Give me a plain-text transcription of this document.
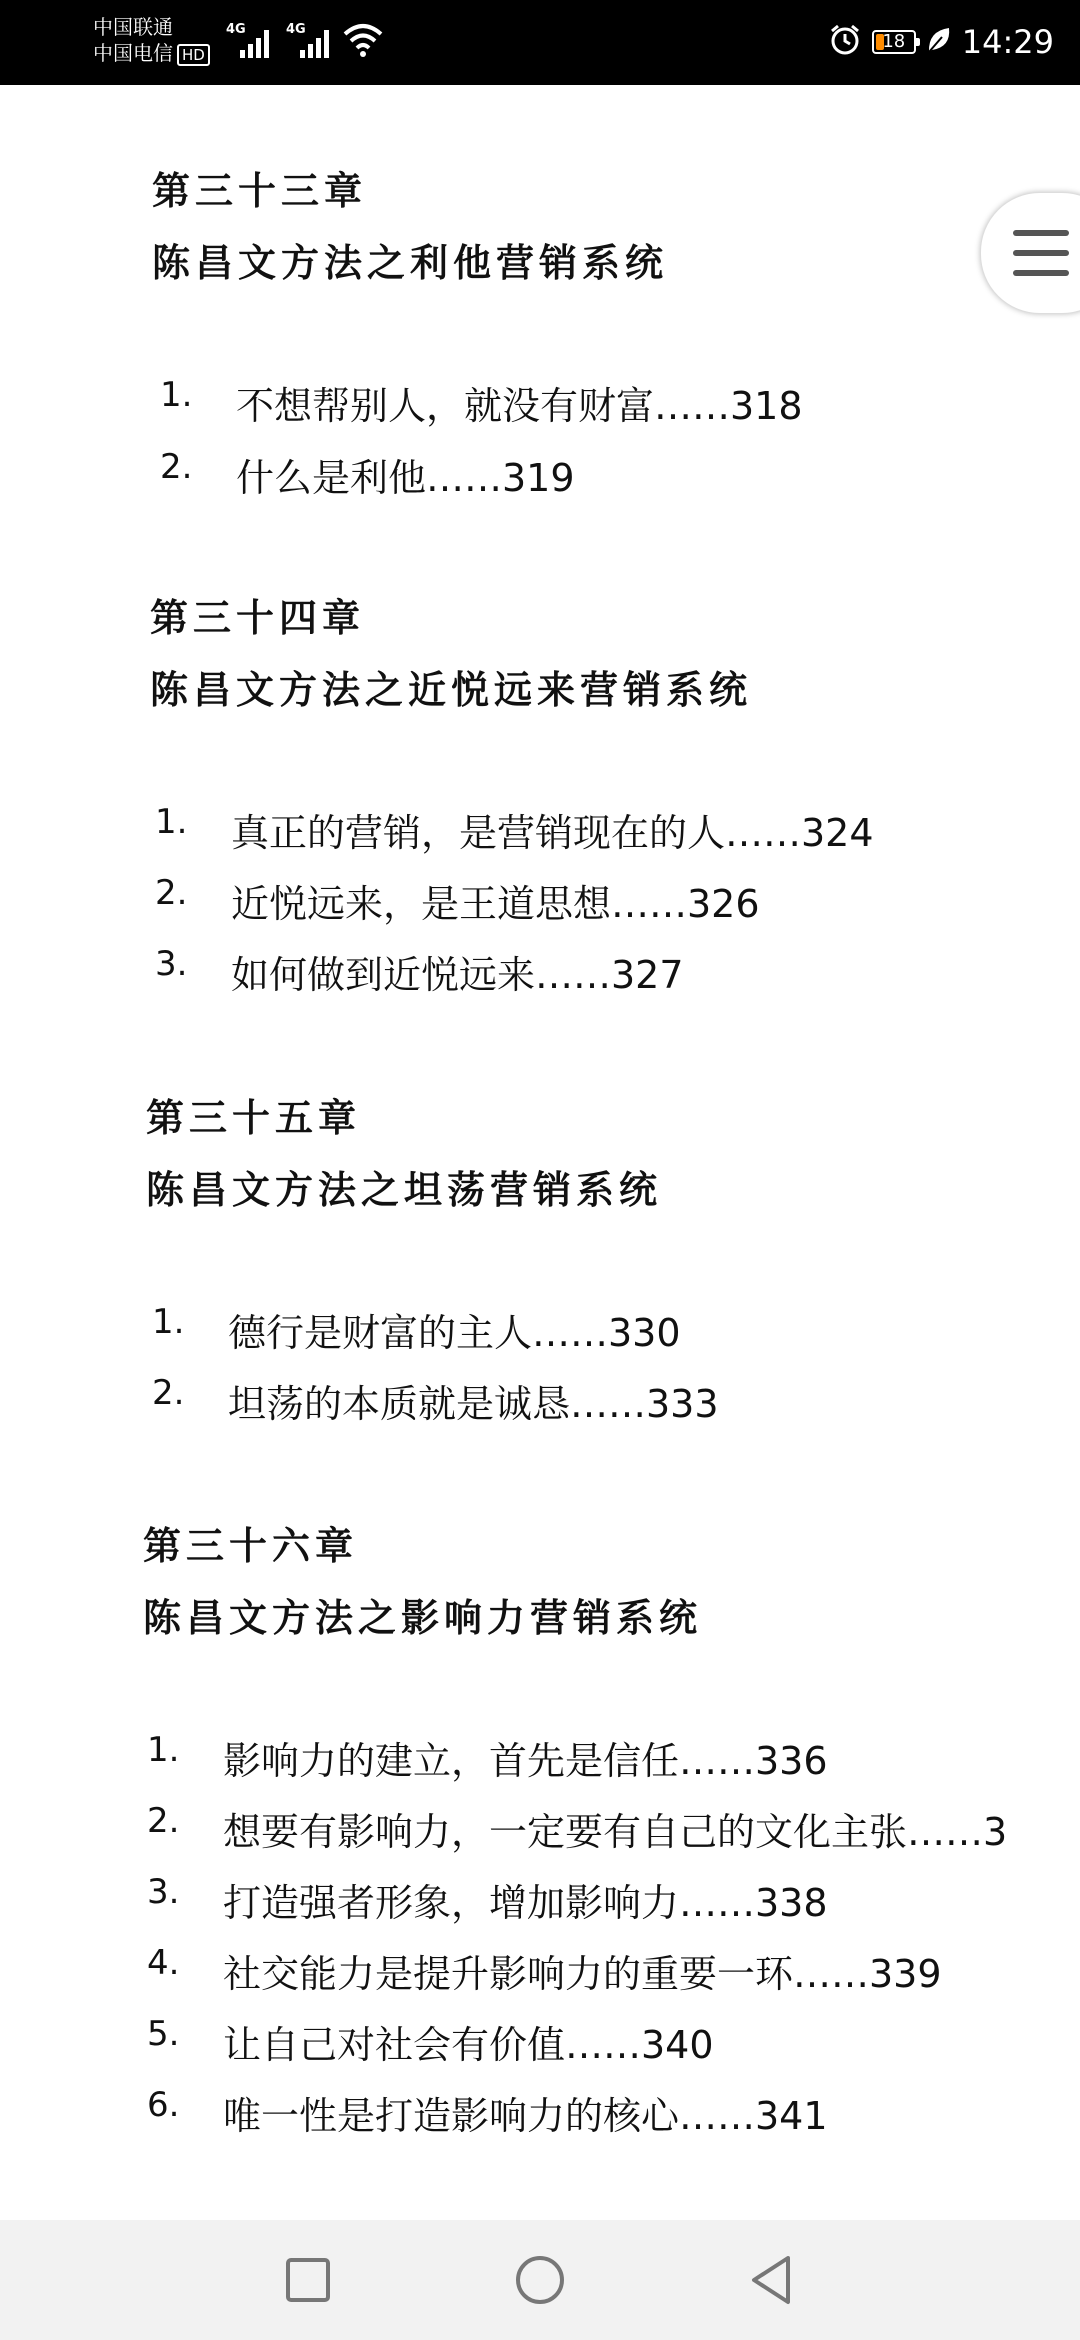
中国联通
中国电信 HD
4G	4G
18	14:29
第三十三章
陈昌文方法之利他营销系统
1. 不想帮别人，就没有财富……318
2. 什么是利他……319
第三十四章
陈昌文方法之近悦远来营销系统
1. 真正的营销，是营销现在的人……324
2. 近悦远来，是王道思想……326
3. 如何做到近悦远来……327
第三十五章
陈昌文方法之坦荡营销系统
1. 德行是财富的主人……330
2. 坦荡的本质就是诚恳……333
第三十六章
陈昌文方法之影响力营销系统
1. 影响力的建立，首先是信任……336
2. 想要有影响力，一定要有自己的文化主张……3
3. 打造强者形象，增加影响力……338
4. 社交能力是提升影响力的重要一环……339
5. 让自己对社会有价值……340
6. 唯一性是打造影响力的核心……341
